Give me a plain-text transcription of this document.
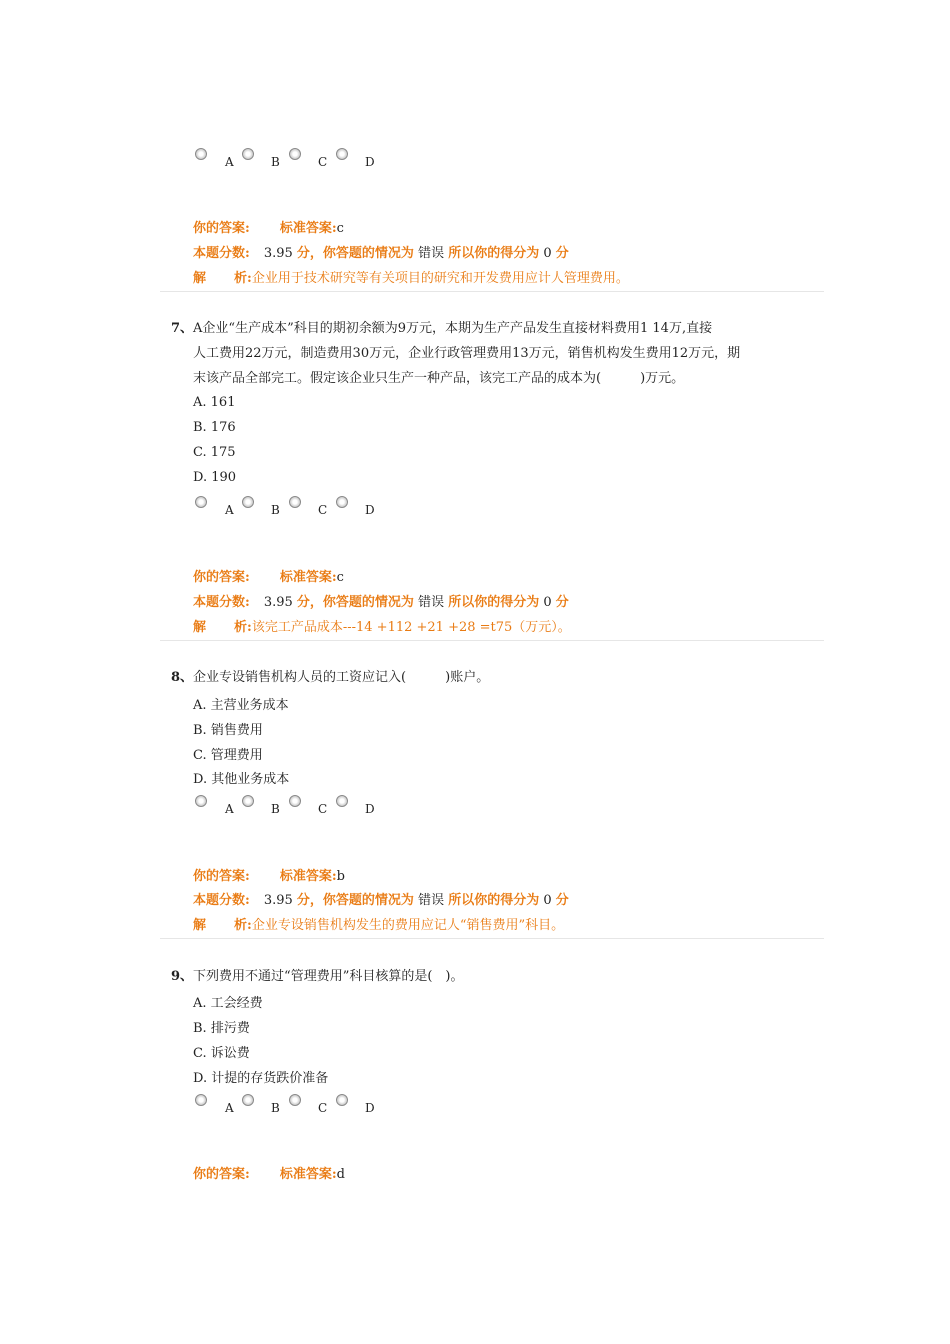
A	B	C	D
你的答案: 标准答案:c
本题分数: 3.95 分，你答题的情况为 错误 所以你的得分为 0 分
解 析:企业用于技术研究等有关项目的研究和开发费用应计人管理费用。
7、A企业“生产成本”科目的期初余额为9万元，本期为生产产品发生直接材料费用1 14万,直接
人工费用22万元，制造费用30万元，企业行政管理费用13万元，销售机构发生费用12万元，期
末该产品全部完工。假定该企业只生产一种产品，该完工产品的成本为(　　　)万元。
A. 161
B. 176
C. 175
D. 190
A	B	C	D
你的答案: 标准答案:c
本题分数: 3.95 分，你答题的情况为 错误 所以你的得分为 0 分
解 析:该完工产品成本---14 +112 +21 +28 =t75（万元）。
8、企业专设销售机构人员的工资应记入(　　　)账户。
A. 主营业务成本
B. 销售费用
C. 管理费用
D. 其他业务成本
A	B	C	D
你的答案: 标准答案:b
本题分数: 3.95 分，你答题的情况为 错误 所以你的得分为 0 分
解 析:企业专设销售机构发生的费用应记人“销售费用”科目。
9、下列费用不通过“管理费用”科目核算的是(　)。
A. 工会经费
B. 排污费
C. 诉讼费
D. 计提的存货跌价准备
A	B	C	D
你的答案: 标准答案:d
